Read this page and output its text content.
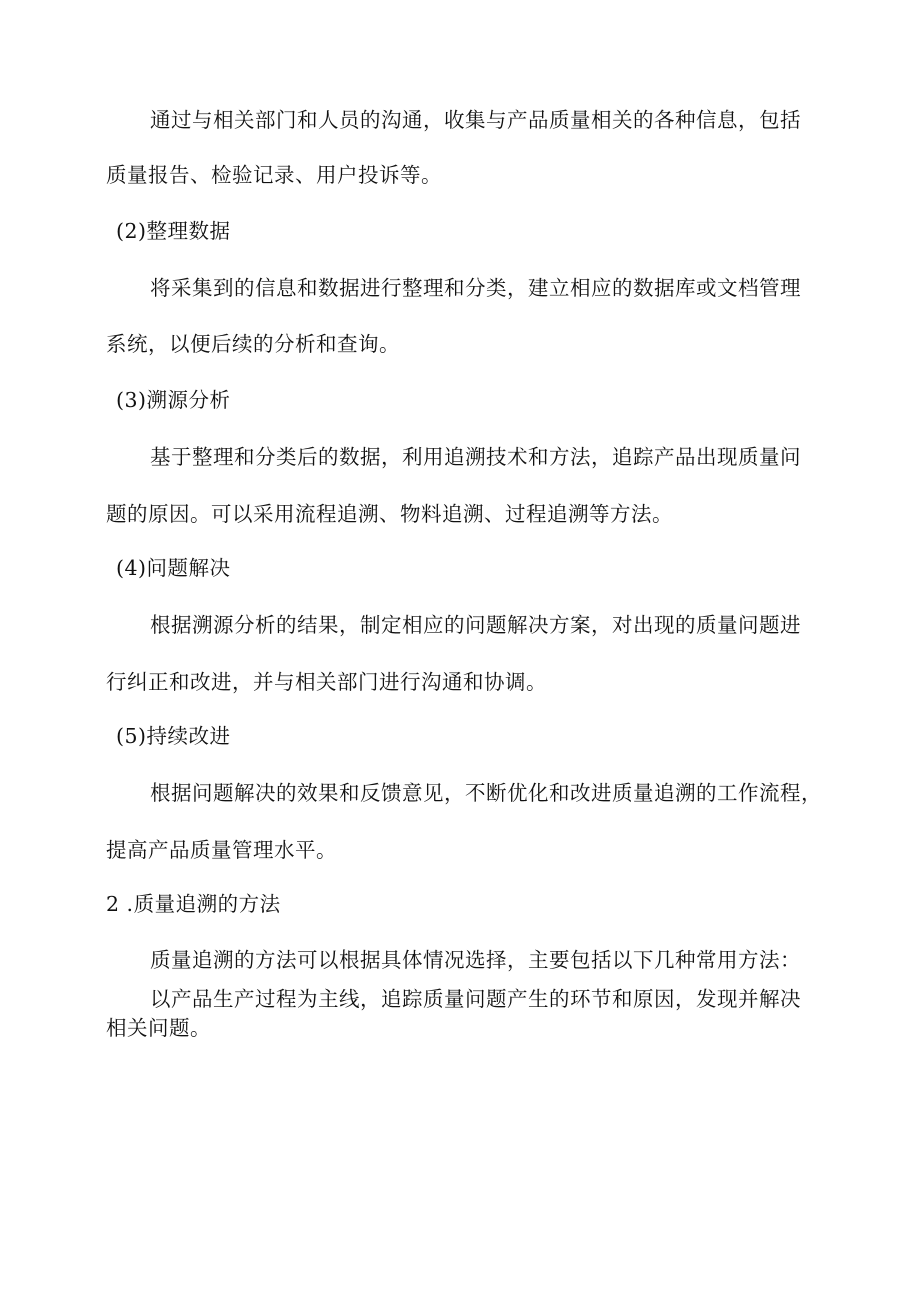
通过与相关部门和人员的沟通，收集与产品质量相关的各种信息，包括
质量报告、检验记录、用户投诉等。
(2)整理数据
将采集到的信息和数据进行整理和分类，建立相应的数据库或文档管理
系统，以便后续的分析和查询。
(3)溯源分析
基于整理和分类后的数据，利用追溯技术和方法，追踪产品出现质量问
题的原因。可以采用流程追溯、物料追溯、过程追溯等方法。
(4)问题解决
根据溯源分析的结果，制定相应的问题解决方案，对出现的质量问题进
行纠正和改进，并与相关部门进行沟通和协调。
(5)持续改进
根据问题解决的效果和反馈意见，不断优化和改进质量追溯的工作流程，
提高产品质量管理水平。
2 .质量追溯的方法
质量追溯的方法可以根据具体情况选择，主要包括以下几种常用方法：
以产品生产过程为主线，追踪质量问题产生的环节和原因，发现并解决
相关问题。
